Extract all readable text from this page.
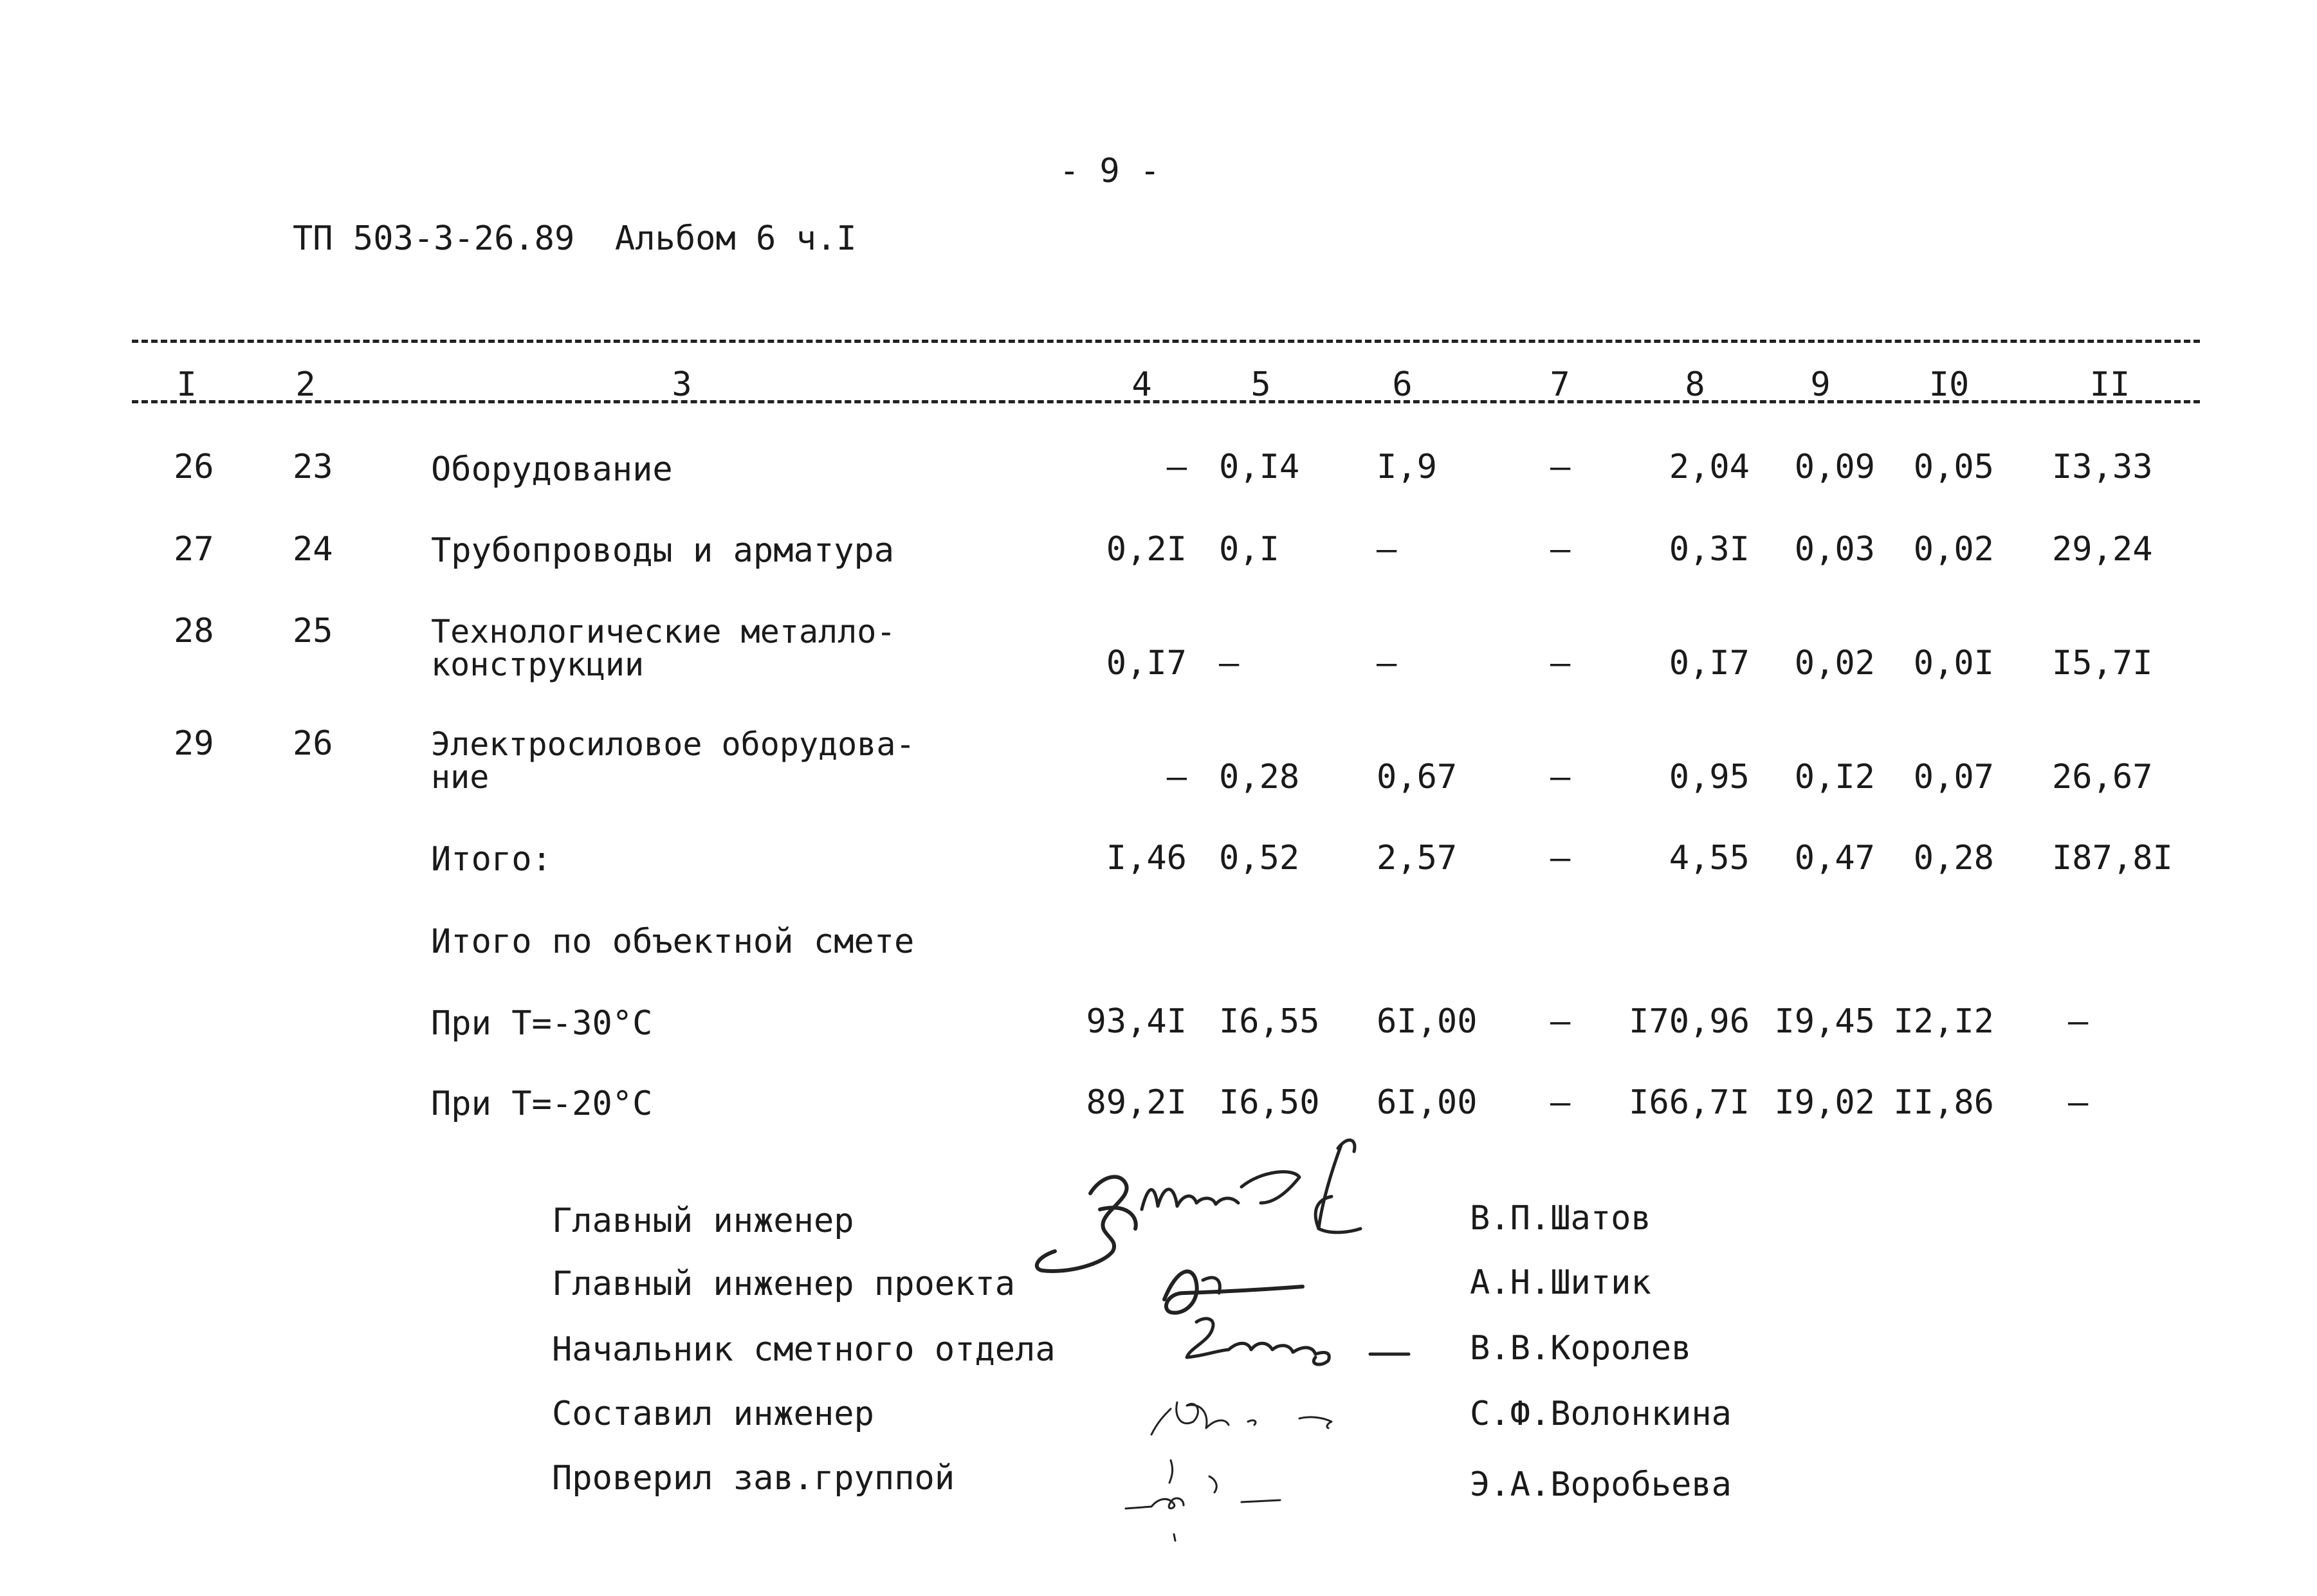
- 9 -
ТП 503-3-26.89  Альбом 6 ч.I
I	2	3	4	5	6	7	8	9	I0	II
26 23	Оборудование	– 0,I4 I,9	–	2,04	0,09	0,05 I3,33
27 24	Трубопроводы и арматура	0,2I 0,I	–	–	0,3I	0,03	0,02 29,24
28 25	Технологические металло-
конструкции	0,I7 –	–	–	0,I7	0,02	0,0I I5,7I
29 26	Электросиловое оборудова-
ние	– 0,28 0,67	–	0,95	0,I2	0,07 26,67
Итого:	I,46 0,52 2,57	–	4,55	0,47	0,28 I87,8I
Итого по объектной смете
При Т=-30°С	93,4I I6,55 6I,00 – I70,96 I9,45 I2,I2 –
При Т=-20°С	89,2I I6,50 6I,00 – I66,7I I9,02 II,86 –
Главный инженер	В.П.Шатов
Главный инженер проекта	А.Н.Шитик
Начальник сметного отдела	В.В.Королев
Составил инженер	С.Ф.Волонкина
Проверил зав.группой	Э.А.Воробьева
